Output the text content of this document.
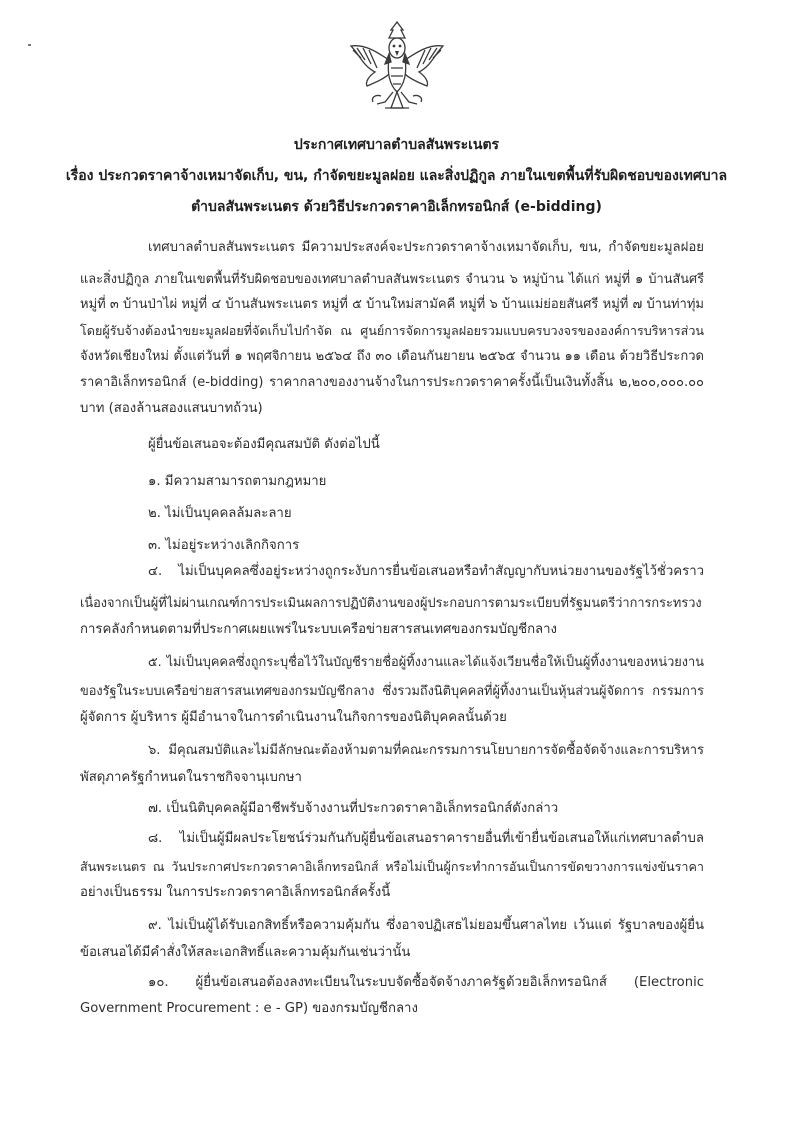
ประกาศเทศบาลตำบลสันพระเนตร
เรื่อง ประกวดราคาจ้างเหมาจัดเก็บ, ขน, กำจัดขยะมูลฝอย และสิ่งปฏิกูล ภายในเขตพื้นที่รับผิดชอบของเทศบาล
ตำบลสันพระเนตร ด้วยวิธีประกวดราคาอิเล็กทรอนิกส์ (e-bidding)
เทศบาลตำบลสันพระเนตร มีความประสงค์จะประกวดราคาจ้างเหมาจัดเก็บ, ขน, กำจัดขยะมูลฝอย
และสิ่งปฏิกูล ภายในเขตพื้นที่รับผิดชอบของเทศบาลตำบลสันพระเนตร จำนวน ๖ หมู่บ้าน ได้แก่ หมู่ที่ ๑ บ้านสันศรี
หมู่ที่ ๓ บ้านป่าไผ่ หมู่ที่ ๔ บ้านสันพระเนตร หมู่ที่ ๕ บ้านใหม่สามัคคี หมู่ที่ ๖ บ้านแม่ย่อยสันศรี หมู่ที่ ๗ บ้านท่าทุ่ม
โดยผู้รับจ้างต้องนำขยะมูลฝอยที่จัดเก็บไปกำจัด ณ ศูนย์การจัดการมูลฝอยรวมแบบครบวงจรขององค์การบริหารส่วน
จังหวัดเชียงใหม่ ตั้งแต่วันที่ ๑ พฤศจิกายน ๒๕๖๔ ถึง ๓๐ เดือนกันยายน ๒๕๖๕ จำนวน ๑๑ เดือน ด้วยวิธีประกวด
ราคาอิเล็กทรอนิกส์ (e-bidding) ราคากลางของงานจ้างในการประกวดราคาครั้งนี้เป็นเงินทั้งสิ้น ๒,๒๐๐,๐๐๐.๐๐
บาท (สองล้านสองแสนบาทถ้วน)
ผู้ยื่นข้อเสนอจะต้องมีคุณสมบัติ ดังต่อไปนี้
๑. มีความสามารถตามกฎหมาย
๒. ไม่เป็นบุคคลล้มละลาย
๓. ไม่อยู่ระหว่างเลิกกิจการ
๔. ไม่เป็นบุคคลซึ่งอยู่ระหว่างถูกระงับการยื่นข้อเสนอหรือทำสัญญากับหน่วยงานของรัฐไว้ชั่วคราว
เนื่องจากเป็นผู้ที่ไม่ผ่านเกณฑ์การประเมินผลการปฏิบัติงานของผู้ประกอบการตามระเบียบที่รัฐมนตรีว่าการกระทรวง
การคลังกำหนดตามที่ประกาศเผยแพร่ในระบบเครือข่ายสารสนเทศของกรมบัญชีกลาง
๕. ไม่เป็นบุคคลซึ่งถูกระบุชื่อไว้ในบัญชีรายชื่อผู้ทิ้งงานและได้แจ้งเวียนชื่อให้เป็นผู้ทิ้งงานของหน่วยงาน
ของรัฐในระบบเครือข่ายสารสนเทศของกรมบัญชีกลาง ซึ่งรวมถึงนิติบุคคลที่ผู้ทิ้งงานเป็นหุ้นส่วนผู้จัดการ กรรมการ
ผู้จัดการ ผู้บริหาร ผู้มีอำนาจในการดำเนินงานในกิจการของนิติบุคคลนั้นด้วย
๖. มีคุณสมบัติและไม่มีลักษณะต้องห้ามตามที่คณะกรรมการนโยบายการจัดซื้อจัดจ้างและการบริหาร
พัสดุภาครัฐกำหนดในราชกิจจานุเบกษา
๗. เป็นนิติบุคคลผู้มีอาชีพรับจ้างงานที่ประกวดราคาอิเล็กทรอนิกส์ดังกล่าว
๘. ไม่เป็นผู้มีผลประโยชน์ร่วมกันกับผู้ยื่นข้อเสนอราคารายอื่นที่เข้ายื่นข้อเสนอให้แก่เทศบาลตำบล
สันพระเนตร ณ วันประกาศประกวดราคาอิเล็กทรอนิกส์ หรือไม่เป็นผู้กระทำการอันเป็นการขัดขวางการแข่งขันราคา
อย่างเป็นธรรม ในการประกวดราคาอิเล็กทรอนิกส์ครั้งนี้
๙. ไม่เป็นผู้ได้รับเอกสิทธิ์หรือความคุ้มกัน ซึ่งอาจปฏิเสธไม่ยอมขึ้นศาลไทย เว้นแต่ รัฐบาลของผู้ยื่น
ข้อเสนอได้มีคำสั่งให้สละเอกสิทธิ์และความคุ้มกันเช่นว่านั้น
๑๐. ผู้ยื่นข้อเสนอต้องลงทะเบียนในระบบจัดซื้อจัดจ้างภาครัฐด้วยอิเล็กทรอนิกส์ (Electronic
Government Procurement : e - GP) ของกรมบัญชีกลาง
